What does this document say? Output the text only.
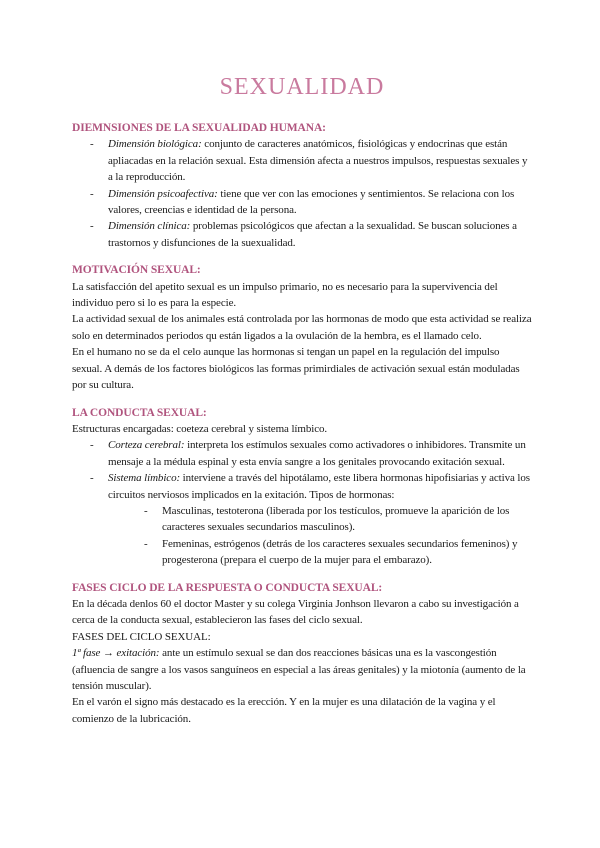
SEXUALIDAD

DIEMNSIONES DE LA SEXUALIDAD HUMANA:

- Dimensión biológica: conjunto de caracteres anatómicos, fisiológicas y endocrinas que están apliacadas en la relación sexual. Esta dimensión afecta a nuestros impulsos, respuestas sexuales y a la reproducción.
- Dimensión psicoafectiva: tiene que ver con las emociones y sentimientos. Se relaciona con los valores, creencias e identidad de la persona.
- Dimensión clínica: problemas psicológicos que afectan a la sexualidad. Se buscan soluciones a trastornos y disfunciones de la suexualidad.

MOTIVACIÓN SEXUAL:

La satisfacción del apetito sexual es un impulso primario, no es necesario para la supervivencia del individuo pero si lo es para la especie.

La actividad sexual de los animales está controlada por las hormonas de modo que esta actividad se realiza solo en determinados periodos qu están ligados a la ovulación de la hembra, es el llamado celo.

En el humano no se da el celo aunque las hormonas si tengan un papel en la regulación del impulso sexual. A demás de los factores biológicos las formas primirdiales de activación sexual están moduladas por su cultura.

LA CONDUCTA SEXUAL:

Estructuras encargadas: coeteza cerebral y sistema límbico.

- Corteza cerebral: interpreta los estímulos sexuales como activadores o inhibidores. Transmite un mensaje a la médula espinal y esta envía sangre a los genitales provocando exitación sexual.
- Sistema límbico: interviene a través del hipotálamo, este libera hormonas hipofisiarias y activa los circuitos nerviosos implicados en la exitación. Tipos de hormonas:
- Masculinas, testoterona (liberada por los testículos, promueve la aparición de los caracteres sexuales secundarios masculinos).
- Femeninas, estrógenos (detrás de los caracteres sexuales secundarios femeninos) y progesterona (prepara el cuerpo de la mujer para el embarazo).

FASES CICLO DE LA RESPUESTA O CONDUCTA SEXUAL:

En la década denlos 60 el doctor Master y su colega Virginia Jonhson llevaron a cabo su investigación a cerca de la conducta sexual, establecieron las fases del ciclo sexual.

FASES DEL CICLO SEXUAL:

1ª fase → exitación: ante un estímulo sexual se dan dos reacciones básicas una es la vascongestión (afluencia de sangre a los vasos sanguíneos en especial a las áreas genitales) y la miotonía (aumento de la tensión muscular).

En el varón el signo más destacado es la erección. Y en la mujer es una dilatación de la vagina y el comienzo de la lubricación.
